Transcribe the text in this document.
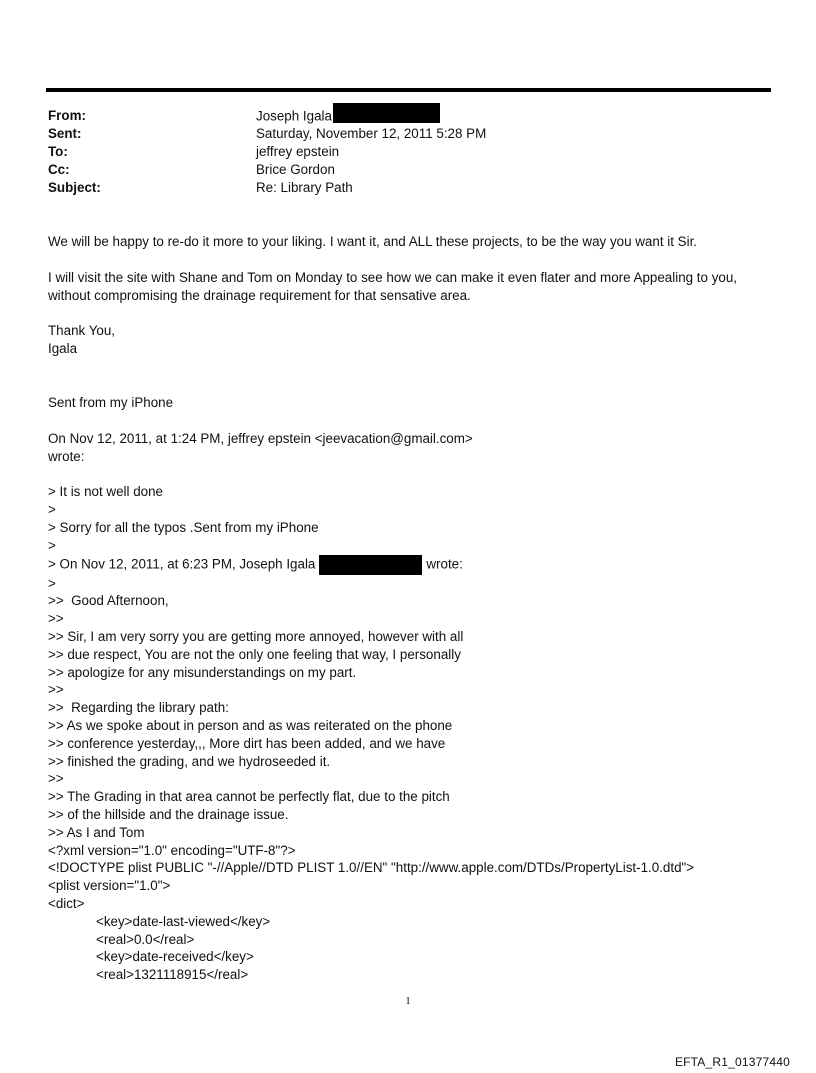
From:	Joseph Igala
Sent:	Saturday, November 12, 2011 5:28 PM
To:	jeffrey epstein
Cc:	Brice Gordon
Subject:	Re: Library Path
We will be happy to re-do it more to your liking. I want it, and ALL these projects, to be the way you want it Sir.
I will visit the site with Shane and Tom on Monday to see how we can make it even flater and more Appealing to you,
without compromising the drainage requirement for that sensative area.
Thank You,
Igala
Sent from my iPhone
On Nov 12, 2011, at 1:24 PM, jeffrey epstein <jeevacation@gmail.com>
wrote:
> It is not well done
>
> Sorry for all the typos .Sent from my iPhone
>
> On Nov 12, 2011, at 6:23 PM, Joseph Igala	wrote:
>
>>  Good Afternoon,
>>
>> Sir, I am very sorry you are getting more annoyed, however with all
>> due respect, You are not the only one feeling that way, I personally
>> apologize for any misunderstandings on my part.
>>
>>  Regarding the library path:
>> As we spoke about in person and as was reiterated on the phone
>> conference yesterday,,, More dirt has been added, and we have
>> finished the grading, and we hydroseeded it.
>>
>> The Grading in that area cannot be perfectly flat, due to the pitch
>> of the hillside and the drainage issue.
>> As I and Tom
<?xml version="1.0" encoding="UTF-8"?>
<!DOCTYPE plist PUBLIC "-//Apple//DTD PLIST 1.0//EN" "http://www.apple.com/DTDs/PropertyList-1.0.dtd">
<plist version="1.0">
<dict>
<key>date-last-viewed</key>
<real>0.0</real>
<key>date-received</key>
<real>1321118915</real>
1
EFTA_R1_01377440
